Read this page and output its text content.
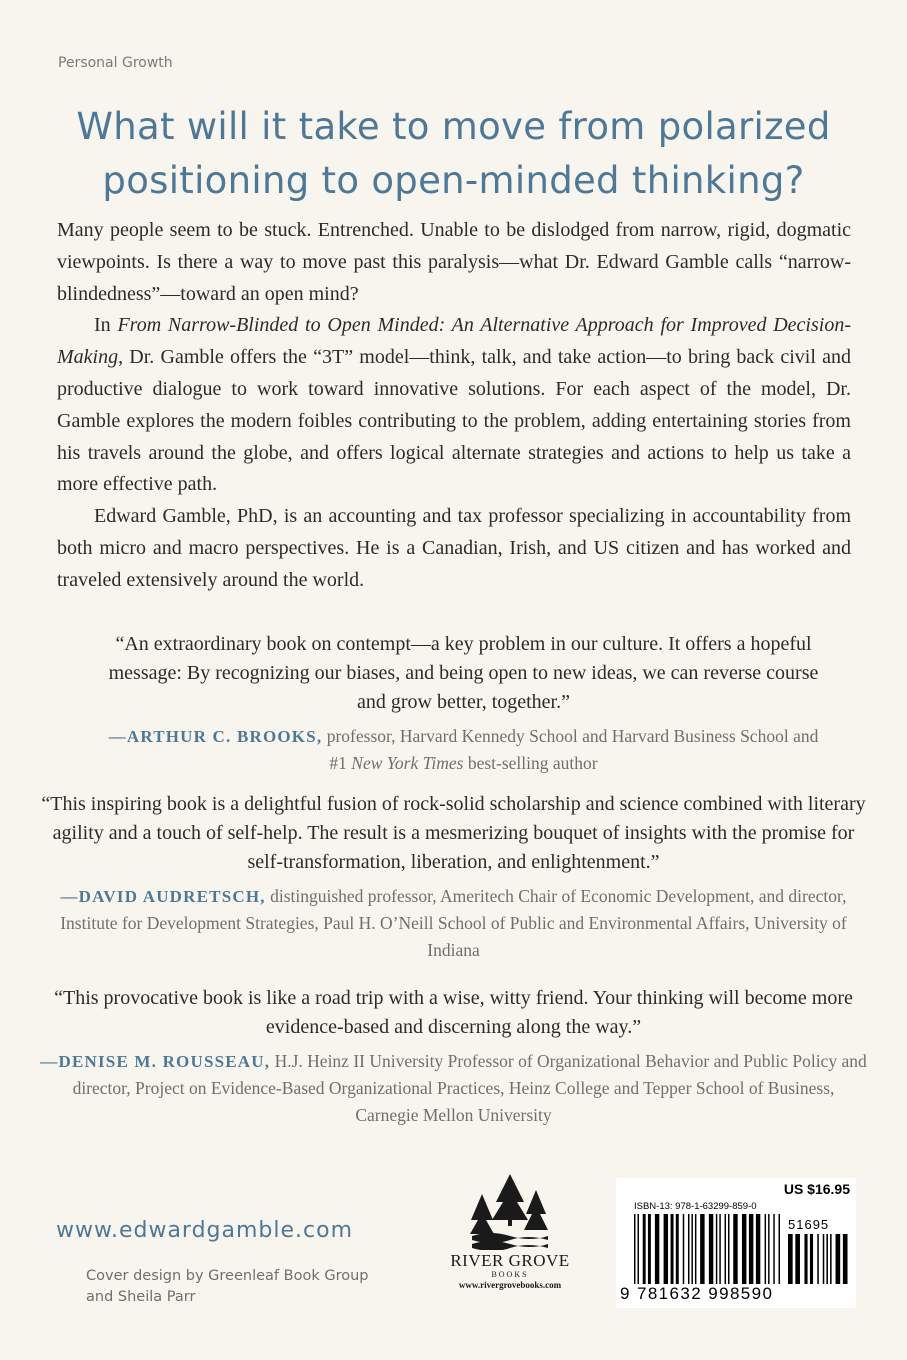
Personal Growth
What will it take to move from polarized
positioning to open-minded thinking?

Many people seem to be stuck. Entrenched. Unable to be dislodged from narrow, rigid, dogmatic viewpoints. Is there a way to move past this paralysis—what Dr. Edward Gamble calls “narrow-blindedness”—toward an open mind?

In From Narrow-Blinded to Open Minded: An Alternative Approach for Improved Decision-Making, Dr. Gamble offers the “3T” model—think, talk, and take action—to bring back civil and productive dialogue to work toward innovative solutions. For each aspect of the model, Dr. Gamble explores the modern foibles contributing to the problem, adding entertaining stories from his travels around the globe, and offers logical alternate strategies and actions to help us take a more effective path.

Edward Gamble, PhD, is an accounting and tax professor specializing in accountability from both micro and macro perspectives. He is a Canadian, Irish, and US citizen and has worked and traveled extensively around the world.

“An extraordinary book on contempt—a key problem in our culture. It offers a hopeful message: By recognizing our biases, and being open to new ideas, we can reverse course and grow better, together.”

—ARTHUR C. BROOKS, professor, Harvard Kennedy School and Harvard Business School and #1 New York Times best-selling author

“This inspiring book is a delightful fusion of rock-solid scholarship and science combined with literary agility and a touch of self-help. The result is a mesmerizing bouquet of insights with the promise for self-transformation, liberation, and enlightenment.”

—DAVID AUDRETSCH, distinguished professor, Ameritech Chair of Economic Development, and director, Institute for Development Strategies, Paul H. O’Neill School of Public and Environmental Affairs, University of Indiana

“This provocative book is like a road trip with a wise, witty friend. Your thinking will become more evidence-based and discerning along the way.”

—DENISE M. ROUSSEAU, H.J. Heinz II University Professor of Organizational Behavior and Public Policy and director, Project on Evidence-Based Organizational Practices, Heinz College and Tepper School of Business, Carnegie Mellon University

www.edwardgamble.com
Cover design by Greenleaf Book Group
and Sheila Parr
RIVER GROVE
BOOKS
www.rivergrovebooks.com
US $16.95
ISBN-13: 978-1-63299-859-0
51695
9 781632 998590
